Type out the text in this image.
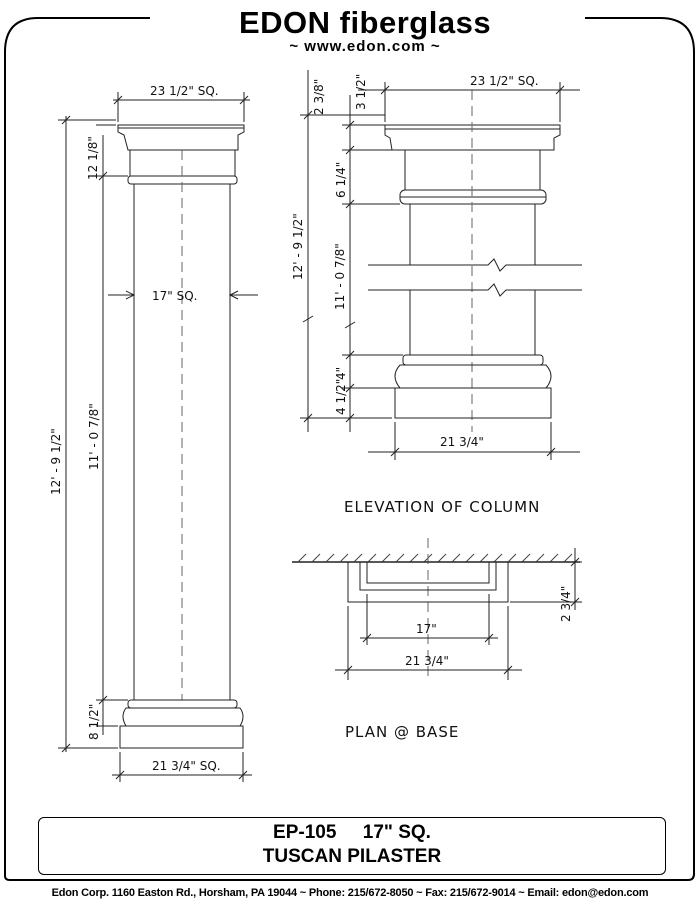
EDON fiberglass
~ www.edon.com ~
23 1/2" SQ.
17" SQ.
21 3/4" SQ.
12 1/8"
11' - 0 7/8"
12' - 9 1/2"
8 1/2"
23 1/2" SQ.
21 3/4"
2 3/8" 3 1/2"
6 1/4"
12' - 9 1/2" 11' - 0 7/8"
4"
4 1/2"
ELEVATION OF COLUMN
17"
21 3/4"
2 3/4"
PLAN @ BASE
EP-105     17" SQ.
TUSCAN PILASTER
Edon Corp. 1160 Easton Rd., Horsham, PA 19044 ~ Phone: 215/672-8050 ~ Fax: 215/672-9014 ~ Email: edon@edon.com
